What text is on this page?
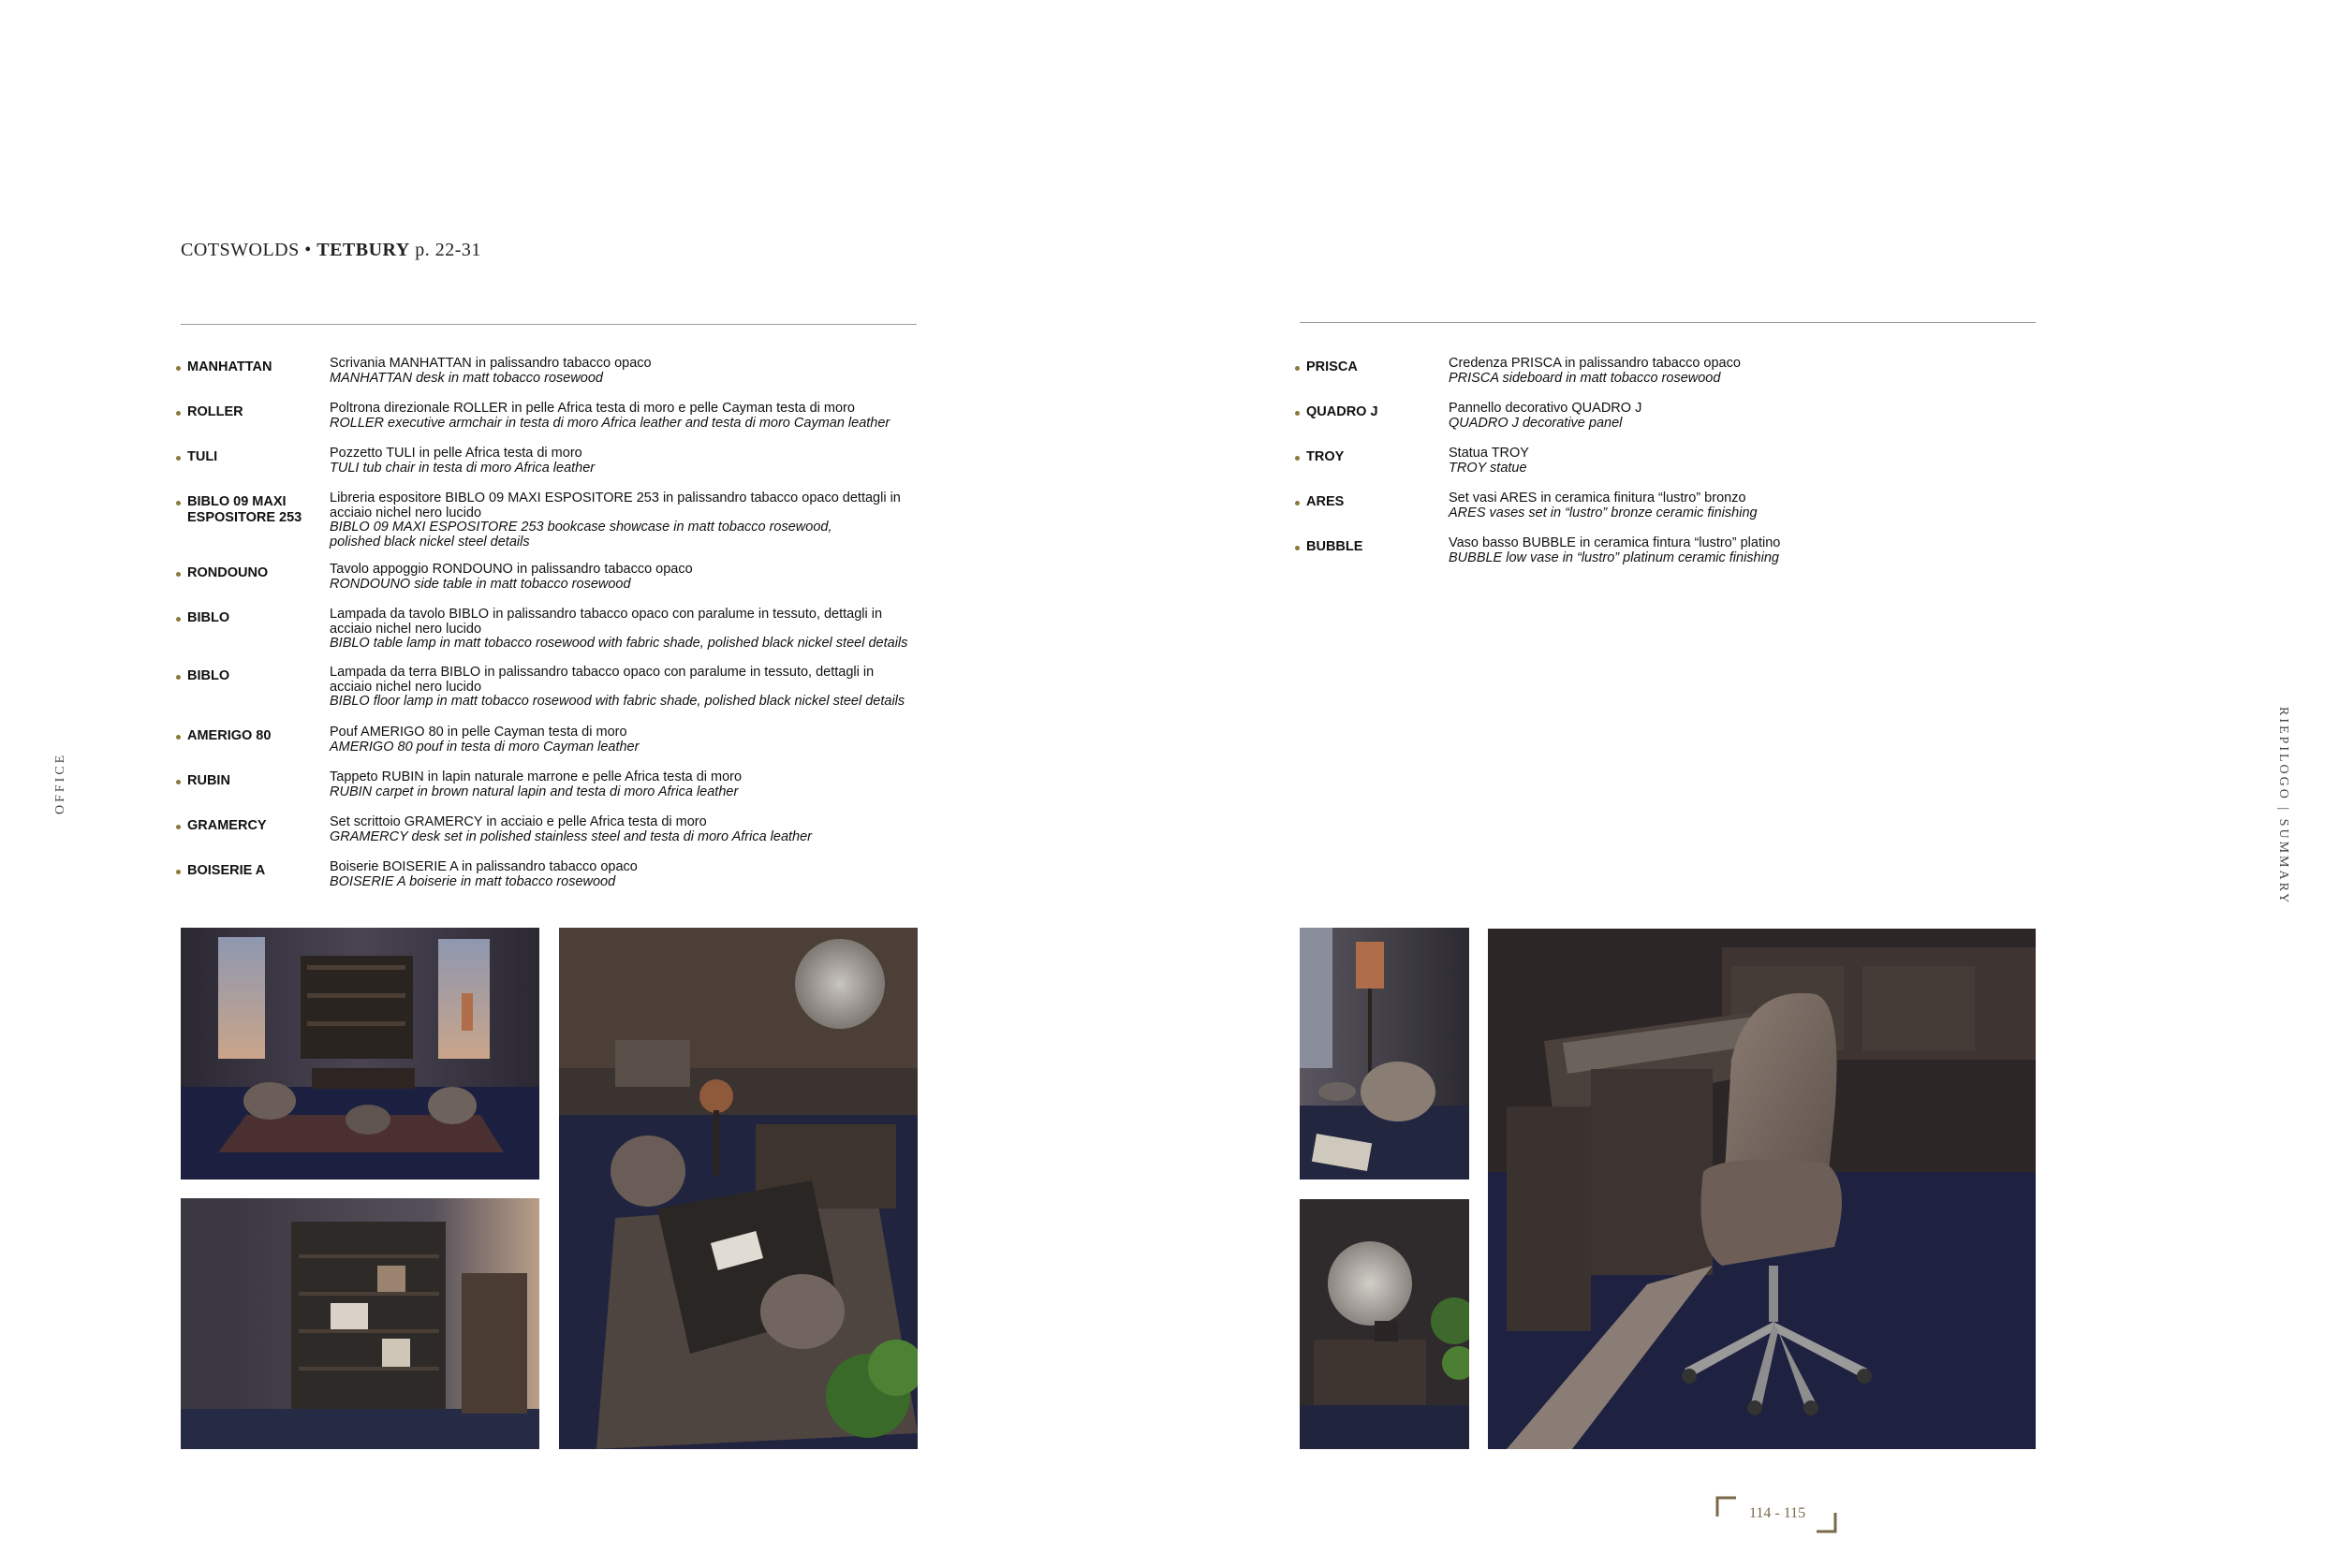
COTSWOLDS • TETBURY p. 22-31
MANHATTAN	Scrivania MANHATTAN in palissandro tabacco opaco
MANHATTAN desk in matt tobacco rosewood
ROLLER	Poltrona direzionale ROLLER in pelle Africa testa di moro e pelle Cayman testa di moro
ROLLER executive armchair in testa di moro Africa leather and testa di moro Cayman leather
TULI	Pozzetto TULI in pelle Africa testa di moro
TULI tub chair in testa di moro Africa leather
BIBLO 09 MAXI ESPOSITORE 253
Libreria espositore BIBLO 09 MAXI ESPOSITORE 253 in palissandro tabacco opaco dettagli in acciaio nichel nero lucido
BIBLO 09 MAXI ESPOSITORE 253 bookcase showcase in matt tobacco rosewood, polished black nickel steel details
RONDOUNO	Tavolo appoggio RONDOUNO in palissandro tabacco opaco
RONDOUNO side table in matt tobacco rosewood
BIBLO	Lampada da tavolo BIBLO in palissandro tabacco opaco con paralume in tessuto, dettagli in acciaio nichel nero lucido
BIBLO table lamp in matt tobacco rosewood with fabric shade, polished black nickel steel details
BIBLO	Lampada da terra BIBLO in palissandro tabacco opaco con paralume in tessuto, dettagli in acciaio nichel nero lucido
BIBLO floor lamp in matt tobacco rosewood with fabric shade, polished black nickel steel details
AMERIGO 80	Pouf AMERIGO 80 in pelle Cayman testa di moro
AMERIGO 80 pouf in testa di moro Cayman leather
RUBIN	Tappeto RUBIN in lapin naturale marrone e pelle Africa testa di moro
RUBIN carpet in brown natural lapin and testa di moro Africa leather
GRAMERCY	Set scrittoio GRAMERCY in acciaio e pelle Africa testa di moro
GRAMERCY desk set in polished stainless steel and testa di moro Africa leather
BOISERIE A	Boiserie BOISERIE A in palissandro tabacco opaco
BOISERIE A boiserie in matt tobacco rosewood
PRISCA	Credenza PRISCA in palissandro tabacco opaco
PRISCA sideboard in matt tobacco rosewood
QUADRO J	Pannello decorativo QUADRO J
QUADRO J decorative panel
TROY	Statua TROY
TROY statue
ARES	Set vasi ARES in ceramica finitura “lustro” bronzo
ARES vases set in “lustro” bronze ceramic finishing
BUBBLE	Vaso basso BUBBLE in ceramica fintura “lustro” platino
BUBBLE low vase in “lustro” platinum ceramic finishing
OFFICE	RIEPILOGO | SUMMARY
114 - 115
